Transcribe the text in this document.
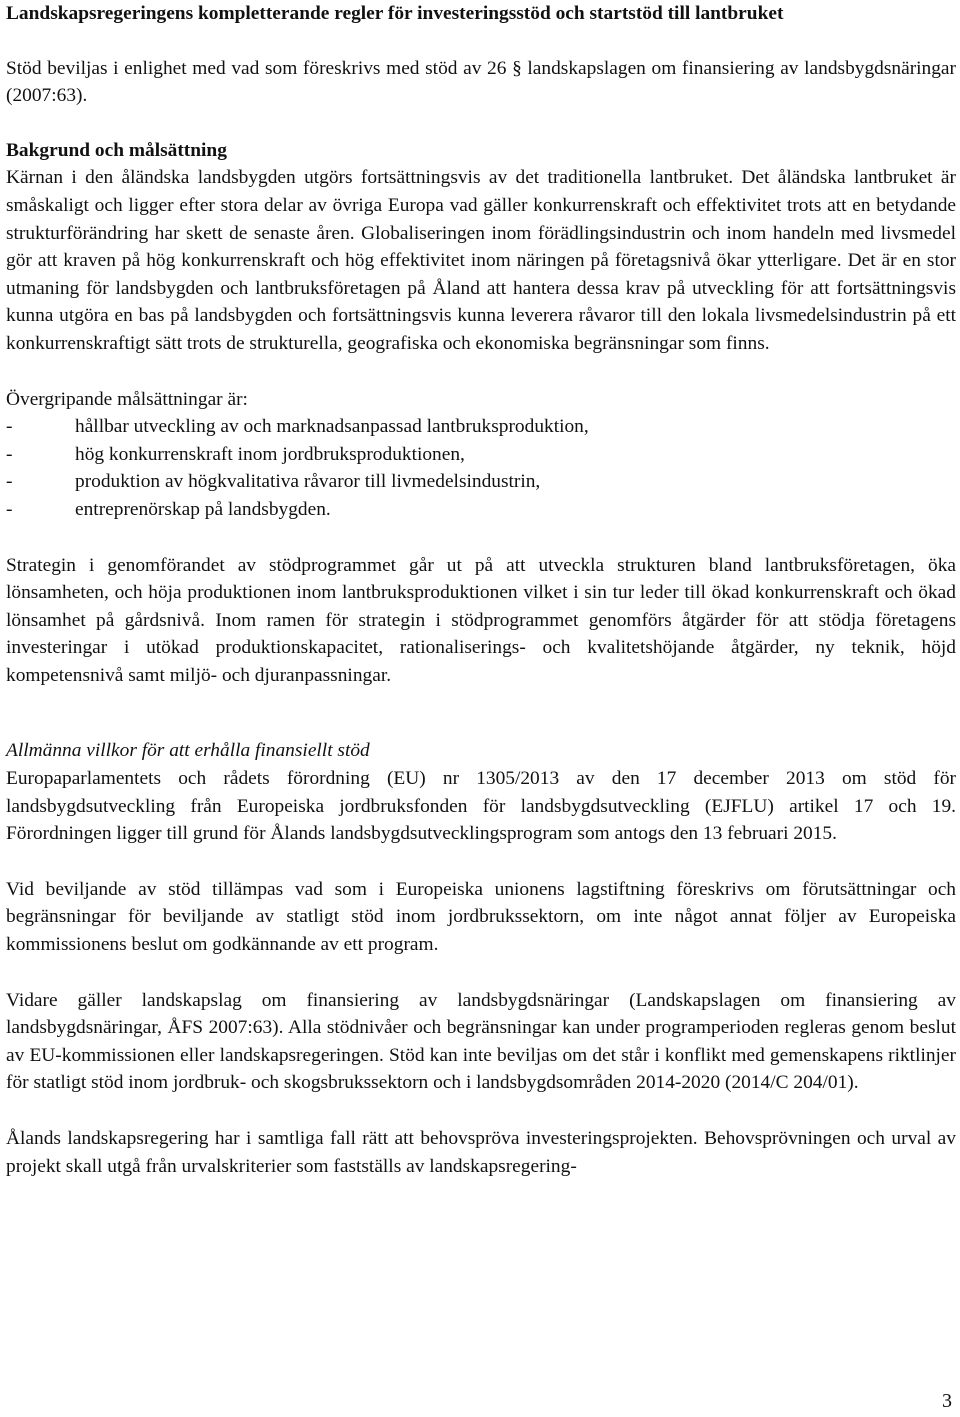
Landskapsregeringens kompletterande regler för investeringsstöd och startstöd till lantbruket

Stöd beviljas i enlighet med vad som föreskrivs med stöd av 26 § landskapslagen om finansiering av landsbygdsnäringar (2007:63).

Bakgrund och målsättning

Kärnan i den åländska landsbygden utgörs fortsättningsvis av det traditionella lantbruket. Det åländska lantbruket är småskaligt och ligger efter stora delar av övriga Europa vad gäller konkurrenskraft och effektivitet trots att en betydande strukturförändring har skett de senaste åren. Globaliseringen inom förädlingsindustrin och inom handeln med livsmedel gör att kraven på hög konkurrenskraft och hög effektivitet inom näringen på företagsnivå ökar ytterligare. Det är en stor utmaning för landsbygden och lantbruksföretagen på Åland att hantera dessa krav på utveckling för att fortsättningsvis kunna utgöra en bas på landsbygden och fortsättningsvis kunna leverera råvaror till den lokala livsmedelsindustrin på ett konkurrenskraftigt sätt trots de strukturella, geografiska och ekonomiska begränsningar som finns.

Övergripande målsättningar är:

-	hållbar utveckling av och marknadsanpassad lantbruksproduktion,
-	hög konkurrenskraft inom jordbruksproduktionen,
-	produktion av högkvalitativa råvaror till livmedelsindustrin,
-	entreprenörskap på landsbygden.

Strategin i genomförandet av stödprogrammet går ut på att utveckla strukturen bland lantbruksföretagen, öka lönsamheten, och höja produktionen inom lantbruksproduktionen vilket i sin tur leder till ökad konkurrenskraft och ökad lönsamhet på gårdsnivå. Inom ramen för strategin i stödprogrammet genomförs åtgärder för att stödja företagens investeringar i utökad produktionskapacitet, rationaliserings- och kvalitetshöjande åtgärder, ny teknik, höjd kompetensnivå samt miljö- och djuranpassningar.

Allmänna villkor för att erhålla finansiellt stöd

Europaparlamentets och rådets förordning (EU) nr 1305/2013 av den 17 december 2013 om stöd för landsbygdsutveckling från Europeiska jordbruksfonden för landsbygdsutveckling (EJFLU) artikel 17 och 19. Förordningen ligger till grund för Ålands landsbygdsutvecklingsprogram som antogs den 13 februari 2015.

Vid beviljande av stöd tillämpas vad som i Europeiska unionens lagstiftning föreskrivs om förutsättningar och begränsningar för beviljande av statligt stöd inom jordbrukssektorn, om inte något annat följer av Europeiska kommissionens beslut om godkännande av ett program.

Vidare gäller landskapslag om finansiering av landsbygdsnäringar (Landskapslagen om finansiering av landsbygdsnäringar, ÅFS 2007:63). Alla stödnivåer och begränsningar kan under programperioden regleras genom beslut av EU-kommissionen eller landskapsregeringen. Stöd kan inte beviljas om det står i konflikt med gemenskapens riktlinjer för statligt stöd inom jordbruk- och skogsbrukssektorn och i landsbygdsområden 2014-2020 (2014/C 204/01).

Ålands landskapsregering har i samtliga fall rätt att behovspröva investeringsprojekten. Behovsprövningen och urval av projekt skall utgå från urvalskriterier som fastställs av landskapsregering-

3
